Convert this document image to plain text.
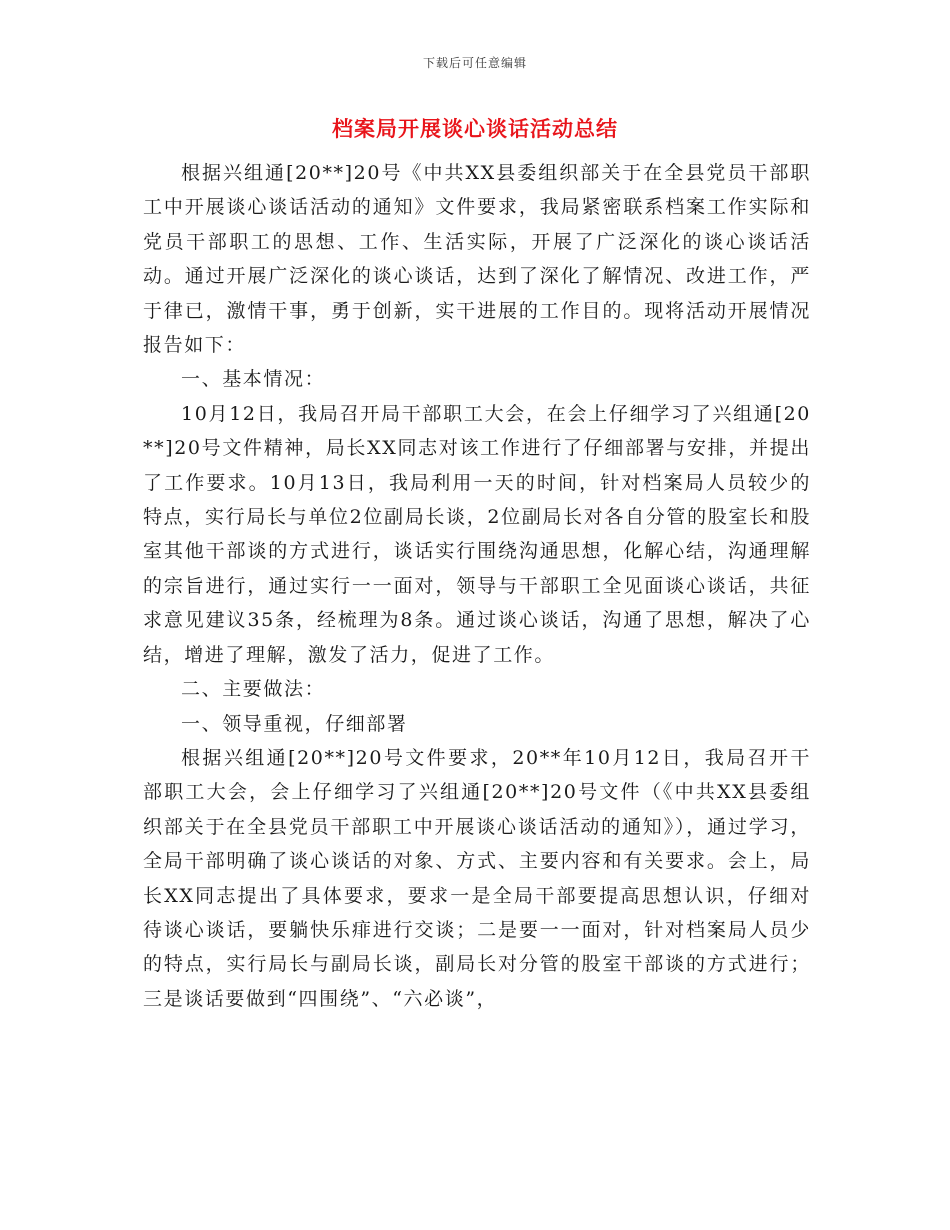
下载后可任意编辑
档案局开展谈心谈话活动总结

根据兴组通[20**]20号《中共XX县委组织部关于在全县党员干部职工中开展谈心谈话活动的通知》文件要求，我局紧密联系档案工作实际和党员干部职工的思想、工作、生活实际，开展了广泛深化的谈心谈话活动。通过开展广泛深化的谈心谈话，达到了深化了解情况、改进工作，严于律已，激情干事，勇于创新，实干进展的工作目的。现将活动开展情况报告如下：

一、基本情况：

10月12日，我局召开局干部职工大会，在会上仔细学习了兴组通[20**]20号文件精神，局长XX同志对该工作进行了仔细部署与安排，并提出了工作要求。10月13日，我局利用一天的时间，针对档案局人员较少的特点，实行局长与单位2位副局长谈，2位副局长对各自分管的股室长和股室其他干部谈的方式进行，谈话实行围绕沟通思想，化解心结，沟通理解的宗旨进行，通过实行一一面对，领导与干部职工全见面谈心谈话，共征求意见建议35条，经梳理为8条。通过谈心谈话，沟通了思想，解决了心结，增进了理解，激发了活力，促进了工作。

二、主要做法：

一、领导重视，仔细部署

根据兴组通[20**]20号文件要求，20**年10月12日，我局召开干部职工大会，会上仔细学习了兴组通[20**]20号文件（《中共XX县委组织部关于在全县党员干部职工中开展谈心谈话活动的通知》），通过学习，全局干部明确了谈心谈话的对象、方式、主要内容和有关要求。会上，局长XX同志提出了具体要求，要求一是全局干部要提高思想认识，仔细对待谈心谈话，要躺快乐痱进行交谈；二是要一一面对，针对档案局人员少的特点，实行局长与副局长谈，副局长对分管的股室干部谈的方式进行；三是谈话要做到“四围绕”、“六必谈”，
